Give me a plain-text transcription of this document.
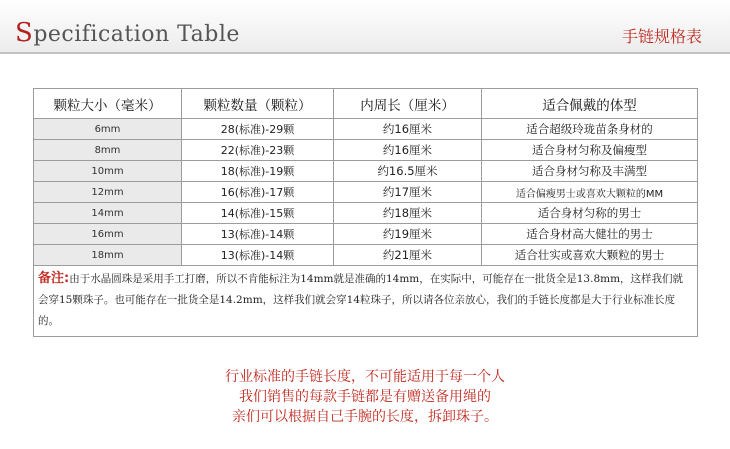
Specification Table	手链规格表
颗粒大小（毫米）	颗粒数量（颗粒）	内周长（厘米）	适合佩戴的体型
6mm	28(标准)-29颗	约16厘米	适合超级玲珑苗条身材的
8mm	22(标准)-23颗	约16厘米	适合身材匀称及偏瘦型
10mm	18(标准)-19颗	约16.5厘米	适合身材匀称及丰满型
12mm	16(标准)-17颗	约17厘米	适合偏瘦男士或喜欢大颗粒的MM
14mm	14(标准)-15颗	约18厘米	适合身材匀称的男士
16mm	13(标准)-14颗	约19厘米	适合身材高大健壮的男士
18mm	13(标准)-14颗	约21厘米	适合壮实或喜欢大颗粒的男士
备注:由于水晶圆珠是采用手工打磨，所以不肯能标注为14mm就是准确的14mm，在实际中，可能存在一批货全是13.8mm，这样我们就会穿15颗珠子。也可能存在一批货全是14.2mm，这样我们就会穿14粒珠子，所以请各位亲放心，我们的手链长度都是大于行业标准长度的。			
行业标准的手链长度，不可能适用于每一个人
我们销售的每款手链都是有赠送备用绳的
亲们可以根据自己手腕的长度，拆卸珠子。
